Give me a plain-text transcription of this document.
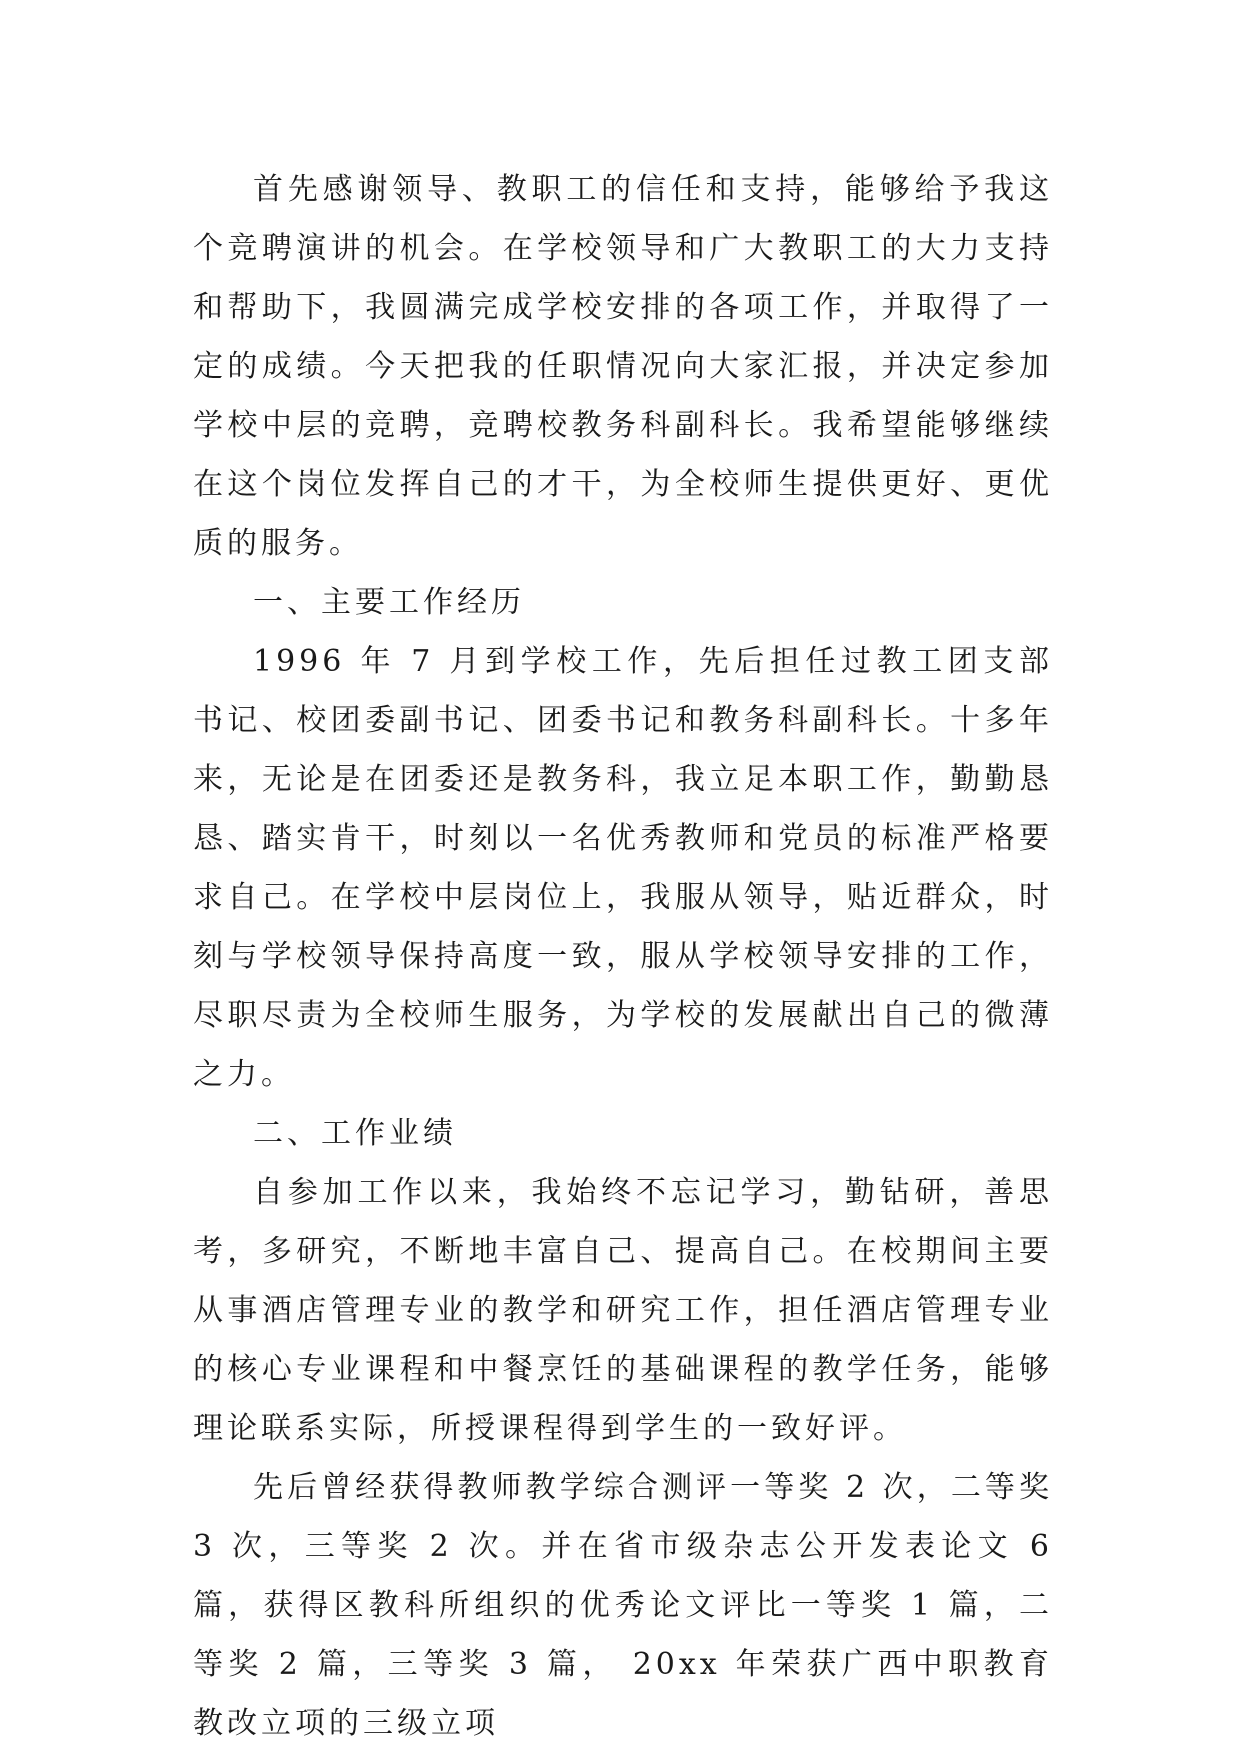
首先感谢领导、教职工的信任和支持，能够给予我这个竞聘演讲的机会。在学校领导和广大教职工的大力支持和帮助下，我圆满完成学校安排的各项工作，并取得了一定的成绩。今天把我的任职情况向大家汇报，并决定参加学校中层的竞聘，竞聘校教务科副科长。我希望能够继续在这个岗位发挥自己的才干，为全校师生提供更好、更优质的服务。

一、主要工作经历

1996 年 7 月到学校工作，先后担任过教工团支部书记、校团委副书记、团委书记和教务科副科长。十多年来，无论是在团委还是教务科，我立足本职工作，勤勤恳恳、踏实肯干，时刻以一名优秀教师和党员的标准严格要求自己。在学校中层岗位上，我服从领导，贴近群众，时刻与学校领导保持高度一致，服从学校领导安排的工作，尽职尽责为全校师生服务，为学校的发展献出自己的微薄之力。

二、工作业绩

自参加工作以来，我始终不忘记学习，勤钻研，善思考，多研究，不断地丰富自己、提高自己。在校期间主要从事酒店管理专业的教学和研究工作，担任酒店管理专业的核心专业课程和中餐烹饪的基础课程的教学任务，能够理论联系实际，所授课程得到学生的一致好评。

先后曾经获得教师教学综合测评一等奖 2 次，二等奖 3 次，三等奖 2 次。并在省市级杂志公开发表论文 6 篇，获得区教科所组织的优秀论文评比一等奖 1 篇，二等奖 2 篇，三等奖 3 篇， 20xx 年荣获广西中职教育教改立项的三级立项
